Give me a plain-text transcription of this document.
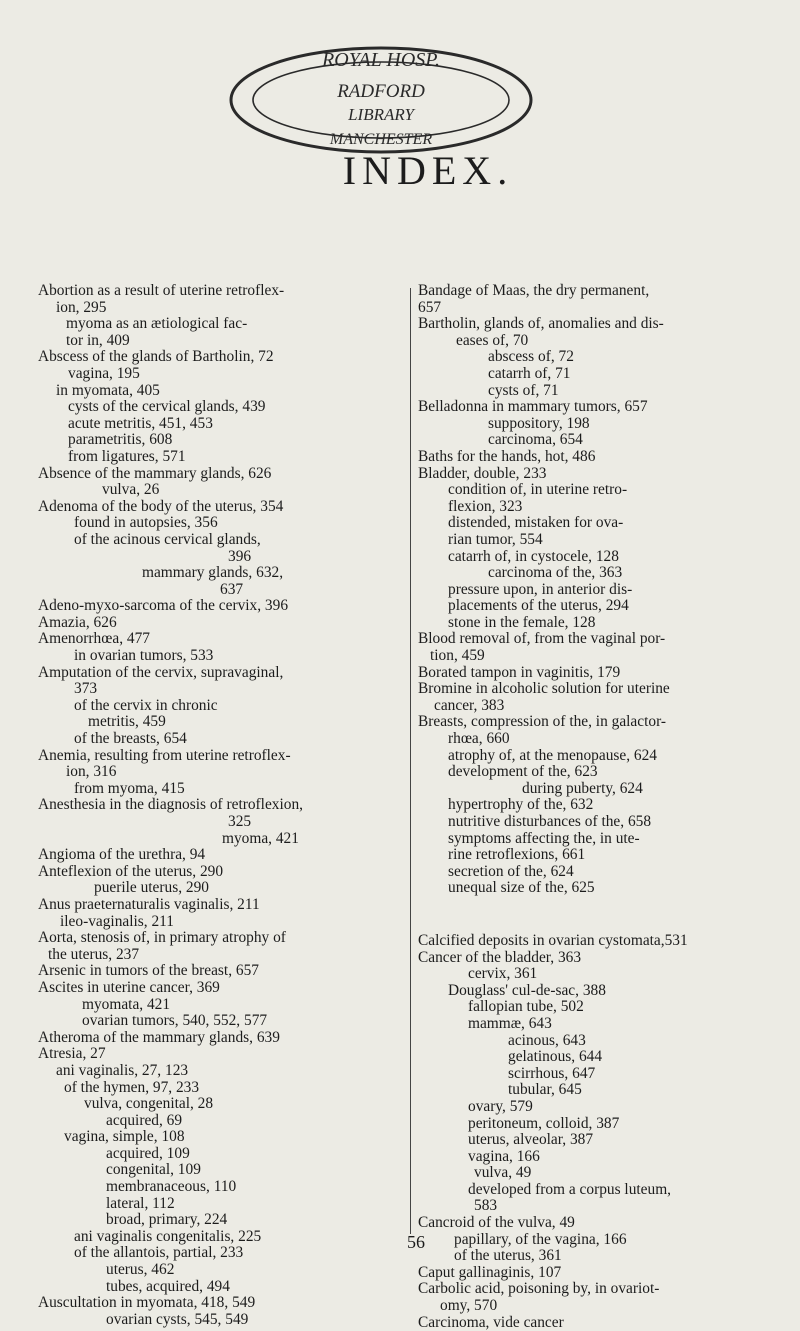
ROYAL HOSP.
RADFORD
LIBRARY
MANCHESTER
INDEX.
Abortion as a result of uterine retroflex-
ion, 295
myoma as an ætiological fac-
tor in, 409
Abscess of the glands of Bartholin, 72
vagina, 195
in myomata, 405
cysts of the cervical glands, 439
acute metritis, 451, 453
parametritis, 608
from ligatures, 571
Absence of the mammary glands, 626
vulva, 26
Adenoma of the body of the uterus, 354
found in autopsies, 356
of the acinous cervical glands,
396
mammary glands, 632,
637
Adeno-myxo-sarcoma of the cervix, 396
Amazia, 626
Amenorrhœa, 477
in ovarian tumors, 533
Amputation of the cervix, supravaginal,
373
of the cervix in chronic
metritis, 459
of the breasts, 654
Anemia, resulting from uterine retroflex-
ion, 316
from myoma, 415
Anesthesia in the diagnosis of retroflexion,
325
myoma, 421
Angioma of the urethra, 94
Anteflexion of the uterus, 290
puerile uterus, 290
Anus praeternaturalis vaginalis, 211
ileo-vaginalis, 211
Aorta, stenosis of, in primary atrophy of
the uterus, 237
Arsenic in tumors of the breast, 657
Ascites in uterine cancer, 369
myomata, 421
ovarian tumors, 540, 552, 577
Atheroma of the mammary glands, 639
Atresia, 27
ani vaginalis, 27, 123
of the hymen, 97, 233
vulva, congenital, 28
acquired, 69
vagina, simple, 108
acquired, 109
congenital, 109
membranaceous, 110
lateral, 112
broad, primary, 224
ani vaginalis congenitalis, 225
of the allantois, partial, 233
uterus, 462
tubes, acquired, 494
Auscultation in myomata, 418, 549
ovarian cysts, 545, 549
Bandage of Maas, the dry permanent,
657
Bartholin, glands of, anomalies and dis-
eases of, 70
abscess of, 72
catarrh of, 71
cysts of, 71
Belladonna in mammary tumors, 657
suppository, 198
carcinoma, 654
Baths for the hands, hot, 486
Bladder, double, 233
condition of, in uterine retro-
flexion, 323
distended, mistaken for ova-
rian tumor, 554
catarrh of, in cystocele, 128
carcinoma of the, 363
pressure upon, in anterior dis-
placements of the uterus, 294
stone in the female, 128
Blood removal of, from the vaginal por-
tion, 459
Borated tampon in vaginitis, 179
Bromine in alcoholic solution for uterine
cancer, 383
Breasts, compression of the, in galactor-
rhœa, 660
atrophy of, at the menopause, 624
development of the, 623
during puberty, 624
hypertrophy of the, 632
nutritive disturbances of the, 658
symptoms affecting the, in ute-
rine retroflexions, 661
secretion of the, 624
unequal size of the, 625
Calcified deposits in ovarian cystomata,531
Cancer of the bladder, 363
cervix, 361
Douglass' cul-de-sac, 388
fallopian tube, 502
mammæ, 643
acinous, 643
gelatinous, 644
scirrhous, 647
tubular, 645
ovary, 579
peritoneum, colloid, 387
uterus, alveolar, 387
vagina, 166
vulva, 49
developed from a corpus luteum,
583
Cancroid of the vulva, 49
papillary, of the vagina, 166
of the uterus, 361
Caput gallinaginis, 107
Carbolic acid, poisoning by, in ovariot-
omy, 570
Carcinoma, vide cancer
56
